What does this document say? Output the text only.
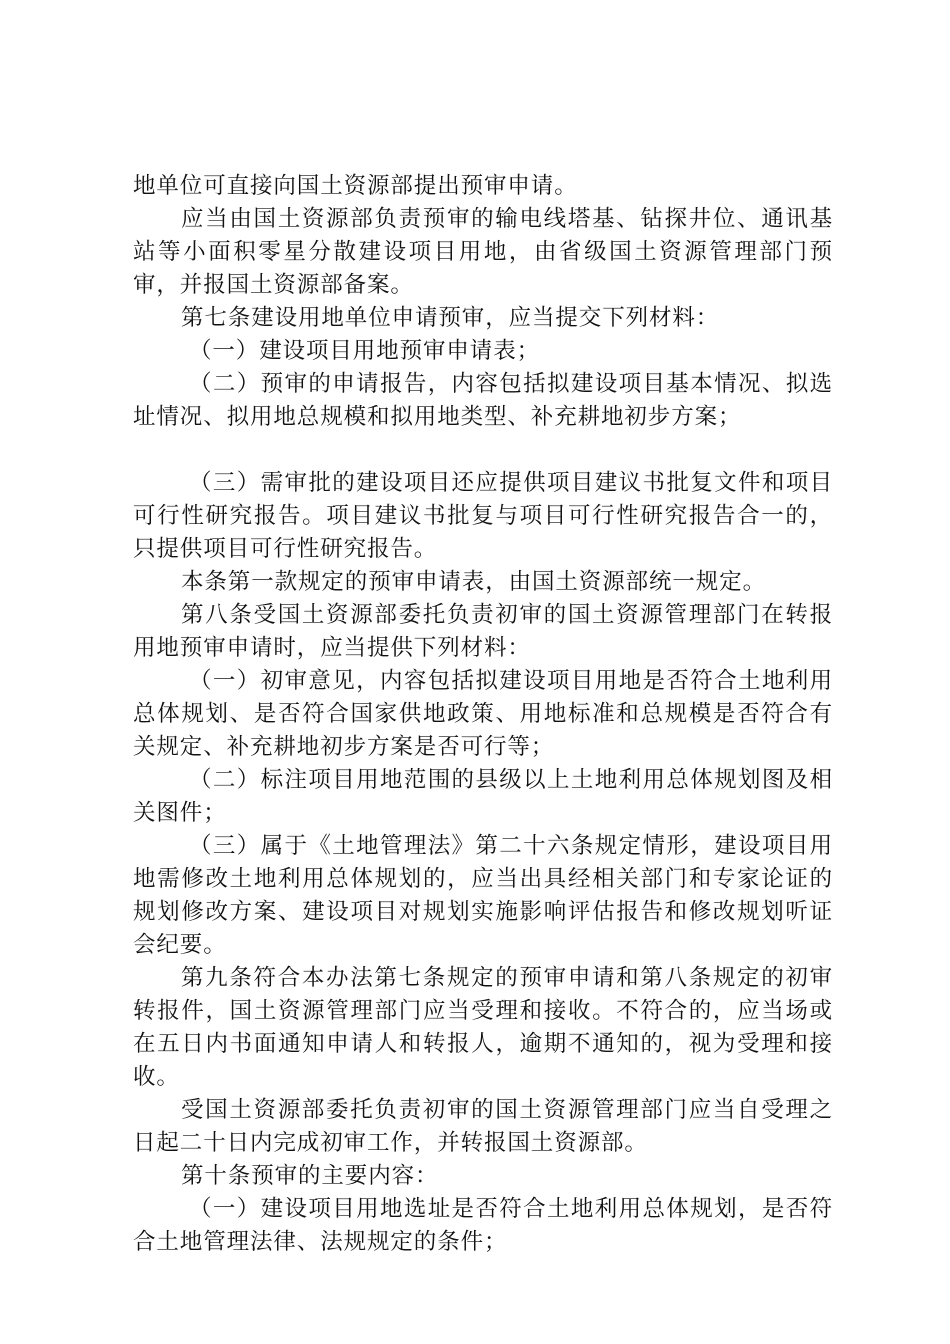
地单位可直接向国土资源部提出预审申请。

应当由国土资源部负责预审的输电线塔基、钻探井位、通讯基站等小面积零星分散建设项目用地，由省级国土资源管理部门预审，并报国土资源部备案。

第七条建设用地单位申请预审，应当提交下列材料：

（一）建设项目用地预审申请表；

（二）预审的申请报告，内容包括拟建设项目基本情况、拟选址情况、拟用地总规模和拟用地类型、补充耕地初步方案；

（三）需审批的建设项目还应提供项目建议书批复文件和项目可行性研究报告。项目建议书批复与项目可行性研究报告合一的，只提供项目可行性研究报告。

本条第一款规定的预审申请表，由国土资源部统一规定。

第八条受国土资源部委托负责初审的国土资源管理部门在转报用地预审申请时，应当提供下列材料：

（一）初审意见，内容包括拟建设项目用地是否符合土地利用总体规划、是否符合国家供地政策、用地标准和总规模是否符合有关规定、补充耕地初步方案是否可行等；

（二）标注项目用地范围的县级以上土地利用总体规划图及相关图件；

（三）属于《土地管理法》第二十六条规定情形，建设项目用地需修改土地利用总体规划的，应当出具经相关部门和专家论证的规划修改方案、建设项目对规划实施影响评估报告和修改规划听证会纪要。

第九条符合本办法第七条规定的预审申请和第八条规定的初审转报件，国土资源管理部门应当受理和接收。不符合的，应当场或在五日内书面通知申请人和转报人，逾期不通知的，视为受理和接收。

受国土资源部委托负责初审的国土资源管理部门应当自受理之日起二十日内完成初审工作，并转报国土资源部。

第十条预审的主要内容：

（一）建设项目用地选址是否符合土地利用总体规划，是否符合土地管理法律、法规规定的条件；
